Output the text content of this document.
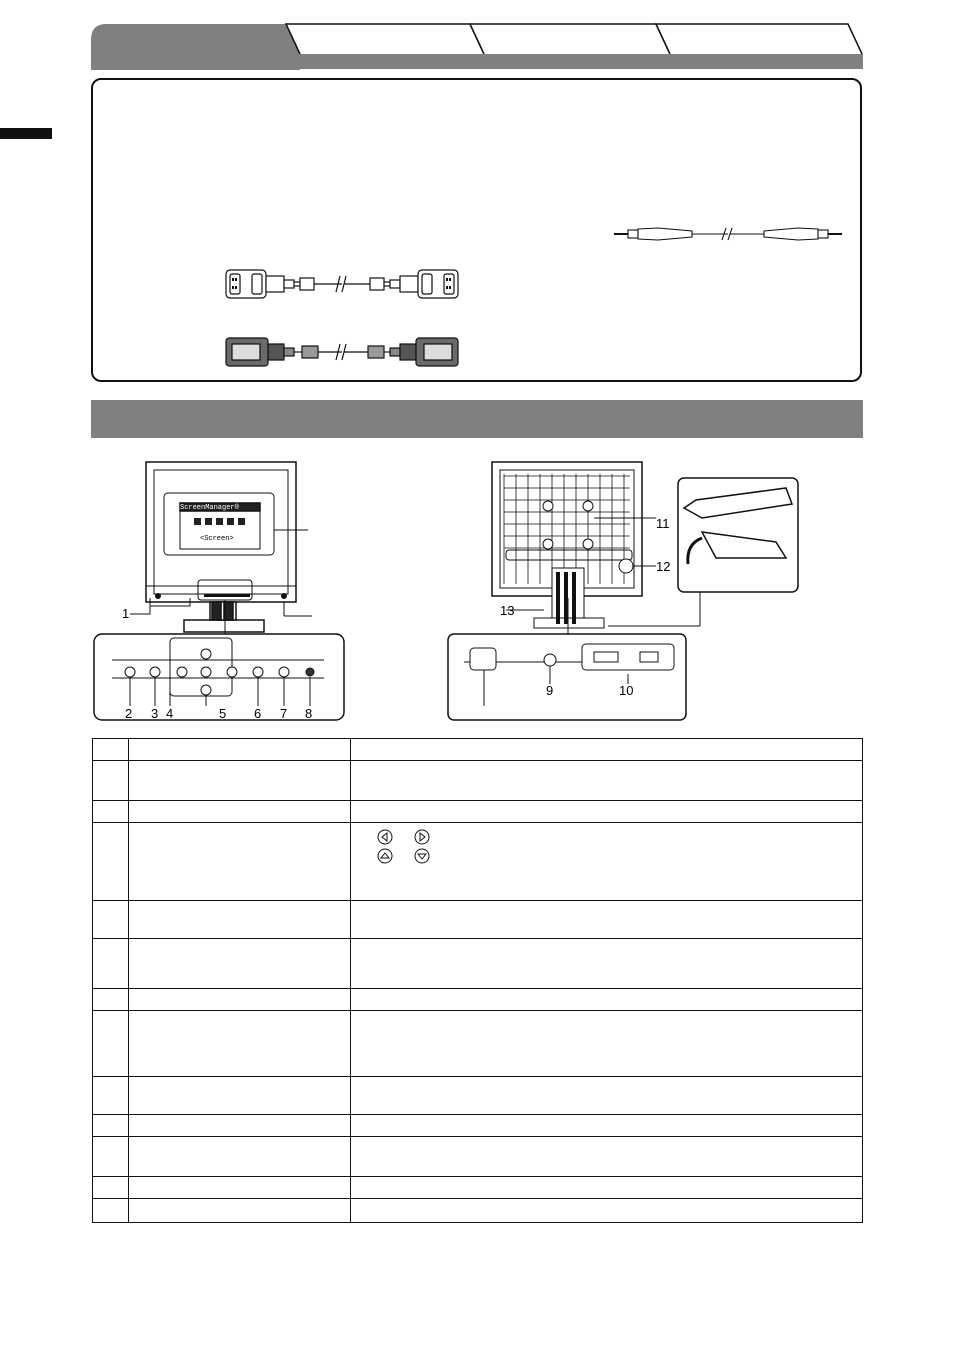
ScreenManager®
<Screen>
1
2 3 4	5 6 7 8
11
12
13
9	10
